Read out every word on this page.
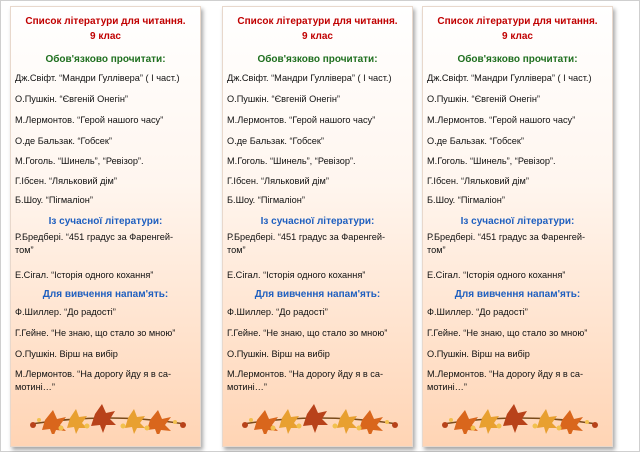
Список літератури для читання.
9 клас
Обов'язково прочитати:
Дж.Свіфт. “Мандри Гуллівера” ( І част.)
О.Пушкін. “Євгеній Онегін”
М.Лермонтов. “Герой нашого часу”
О.де Бальзак. “Гобсек”
М.Гоголь. “Шинель”, “Ревізор”.
Г.Ібсен. “Ляльковий дім”
Б.Шоу. “Пігмаліон”
Із сучасної літератури:
Р.Бредбері. “451 градус за Фаренгей-том”
Е.Сігал. “Історія одного кохання”
Для вивчення напам'ять:
Ф.Шиллер. “До радості”
Г.Гейне. “Не знаю, що стало зо мною”
О.Пушкін. Вірш на вибір
М.Лермонтов. “На дорогу йду я в са-мотині…”
Список літератури для читання.
9 клас
Обов'язково прочитати:
Дж.Свіфт. “Мандри Гуллівера” ( І част.)
О.Пушкін. “Євгеній Онегін”
М.Лермонтов. “Герой нашого часу”
О.де Бальзак. “Гобсек”
М.Гоголь. “Шинель”, “Ревізор”.
Г.Ібсен. “Ляльковий дім”
Б.Шоу. “Пігмаліон”
Із сучасної літератури:
Р.Бредбері. “451 градус за Фаренгей-том”
Е.Сігал. “Історія одного кохання”
Для вивчення напам'ять:
Ф.Шиллер. “До радості”
Г.Гейне. “Не знаю, що стало зо мною”
О.Пушкін. Вірш на вибір
М.Лермонтов. “На дорогу йду я в са-мотині…”
Список літератури для читання.
9 клас
Обов'язково прочитати:
Дж.Свіфт. “Мандри Гуллівера” ( І част.)
О.Пушкін. “Євгеній Онегін”
М.Лермонтов. “Герой нашого часу”
О.де Бальзак. “Гобсек”
М.Гоголь. “Шинель”, “Ревізор”.
Г.Ібсен. “Ляльковий дім”
Б.Шоу. “Пігмаліон”
Із сучасної літератури:
Р.Бредбері. “451 градус за Фаренгей-том”
Е.Сігал. “Історія одного кохання”
Для вивчення напам'ять:
Ф.Шиллер. “До радості”
Г.Гейне. “Не знаю, що стало зо мною”
О.Пушкін. Вірш на вибір
М.Лермонтов. “На дорогу йду я в са-мотині…”
